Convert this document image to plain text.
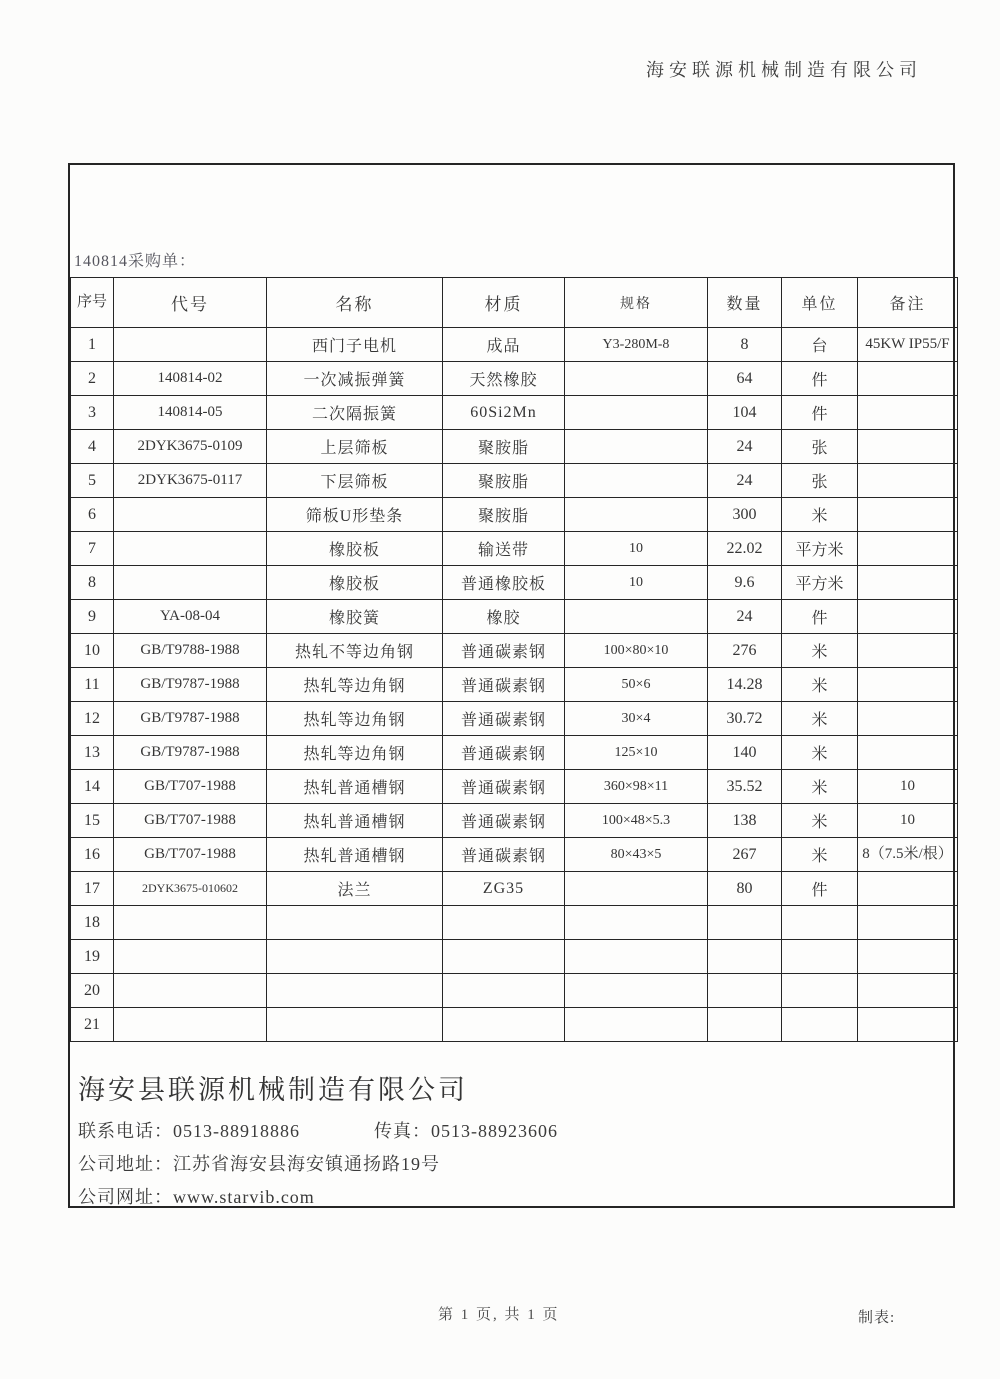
海安联源机械制造有限公司
140814采购单：
序号	代号	名称	材质	规格	数量	单位	备注
1		西门子电机	成品	Y3-280M-8	8	台	45KW IP55/F
2	140814-02	一次减振弹簧	天然橡胶		64	件	
3	140814-05	二次隔振簧	60Si2Mn		104	件	
4	2DYK3675-0109	上层筛板	聚胺脂		24	张	
5	2DYK3675-0117	下层筛板	聚胺脂		24	张	
6		筛板U形垫条	聚胺脂		300	米	
7		橡胶板	输送带	10	22.02	平方米	
8		橡胶板	普通橡胶板	10	9.6	平方米	
9	YA-08-04	橡胶簧	橡胶		24	件	
10	GB/T9788-1988	热轧不等边角钢	普通碳素钢	100×80×10	276	米	
11	GB/T9787-1988	热轧等边角钢	普通碳素钢	50×6	14.28	米	
12	GB/T9787-1988	热轧等边角钢	普通碳素钢	30×4	30.72	米	
13	GB/T9787-1988	热轧等边角钢	普通碳素钢	125×10	140	米	
14	GB/T707-1988	热轧普通槽钢	普通碳素钢	360×98×11	35.52	米	10
15	GB/T707-1988	热轧普通槽钢	普通碳素钢	100×48×5.3	138	米	10
16	GB/T707-1988	热轧普通槽钢	普通碳素钢	80×43×5	267	米	8（7.5米/根）
17	2DYK3675-010602	法兰	ZG35		80	件	
18							
19							
20							
21							

海安县联源机械制造有限公司

联系电话：0513-88918886	传真：0513-88923606

公司地址：江苏省海安县海安镇通扬路19号

公司网址：www.starvib.com

第 1 页, 共 1 页	制表:
